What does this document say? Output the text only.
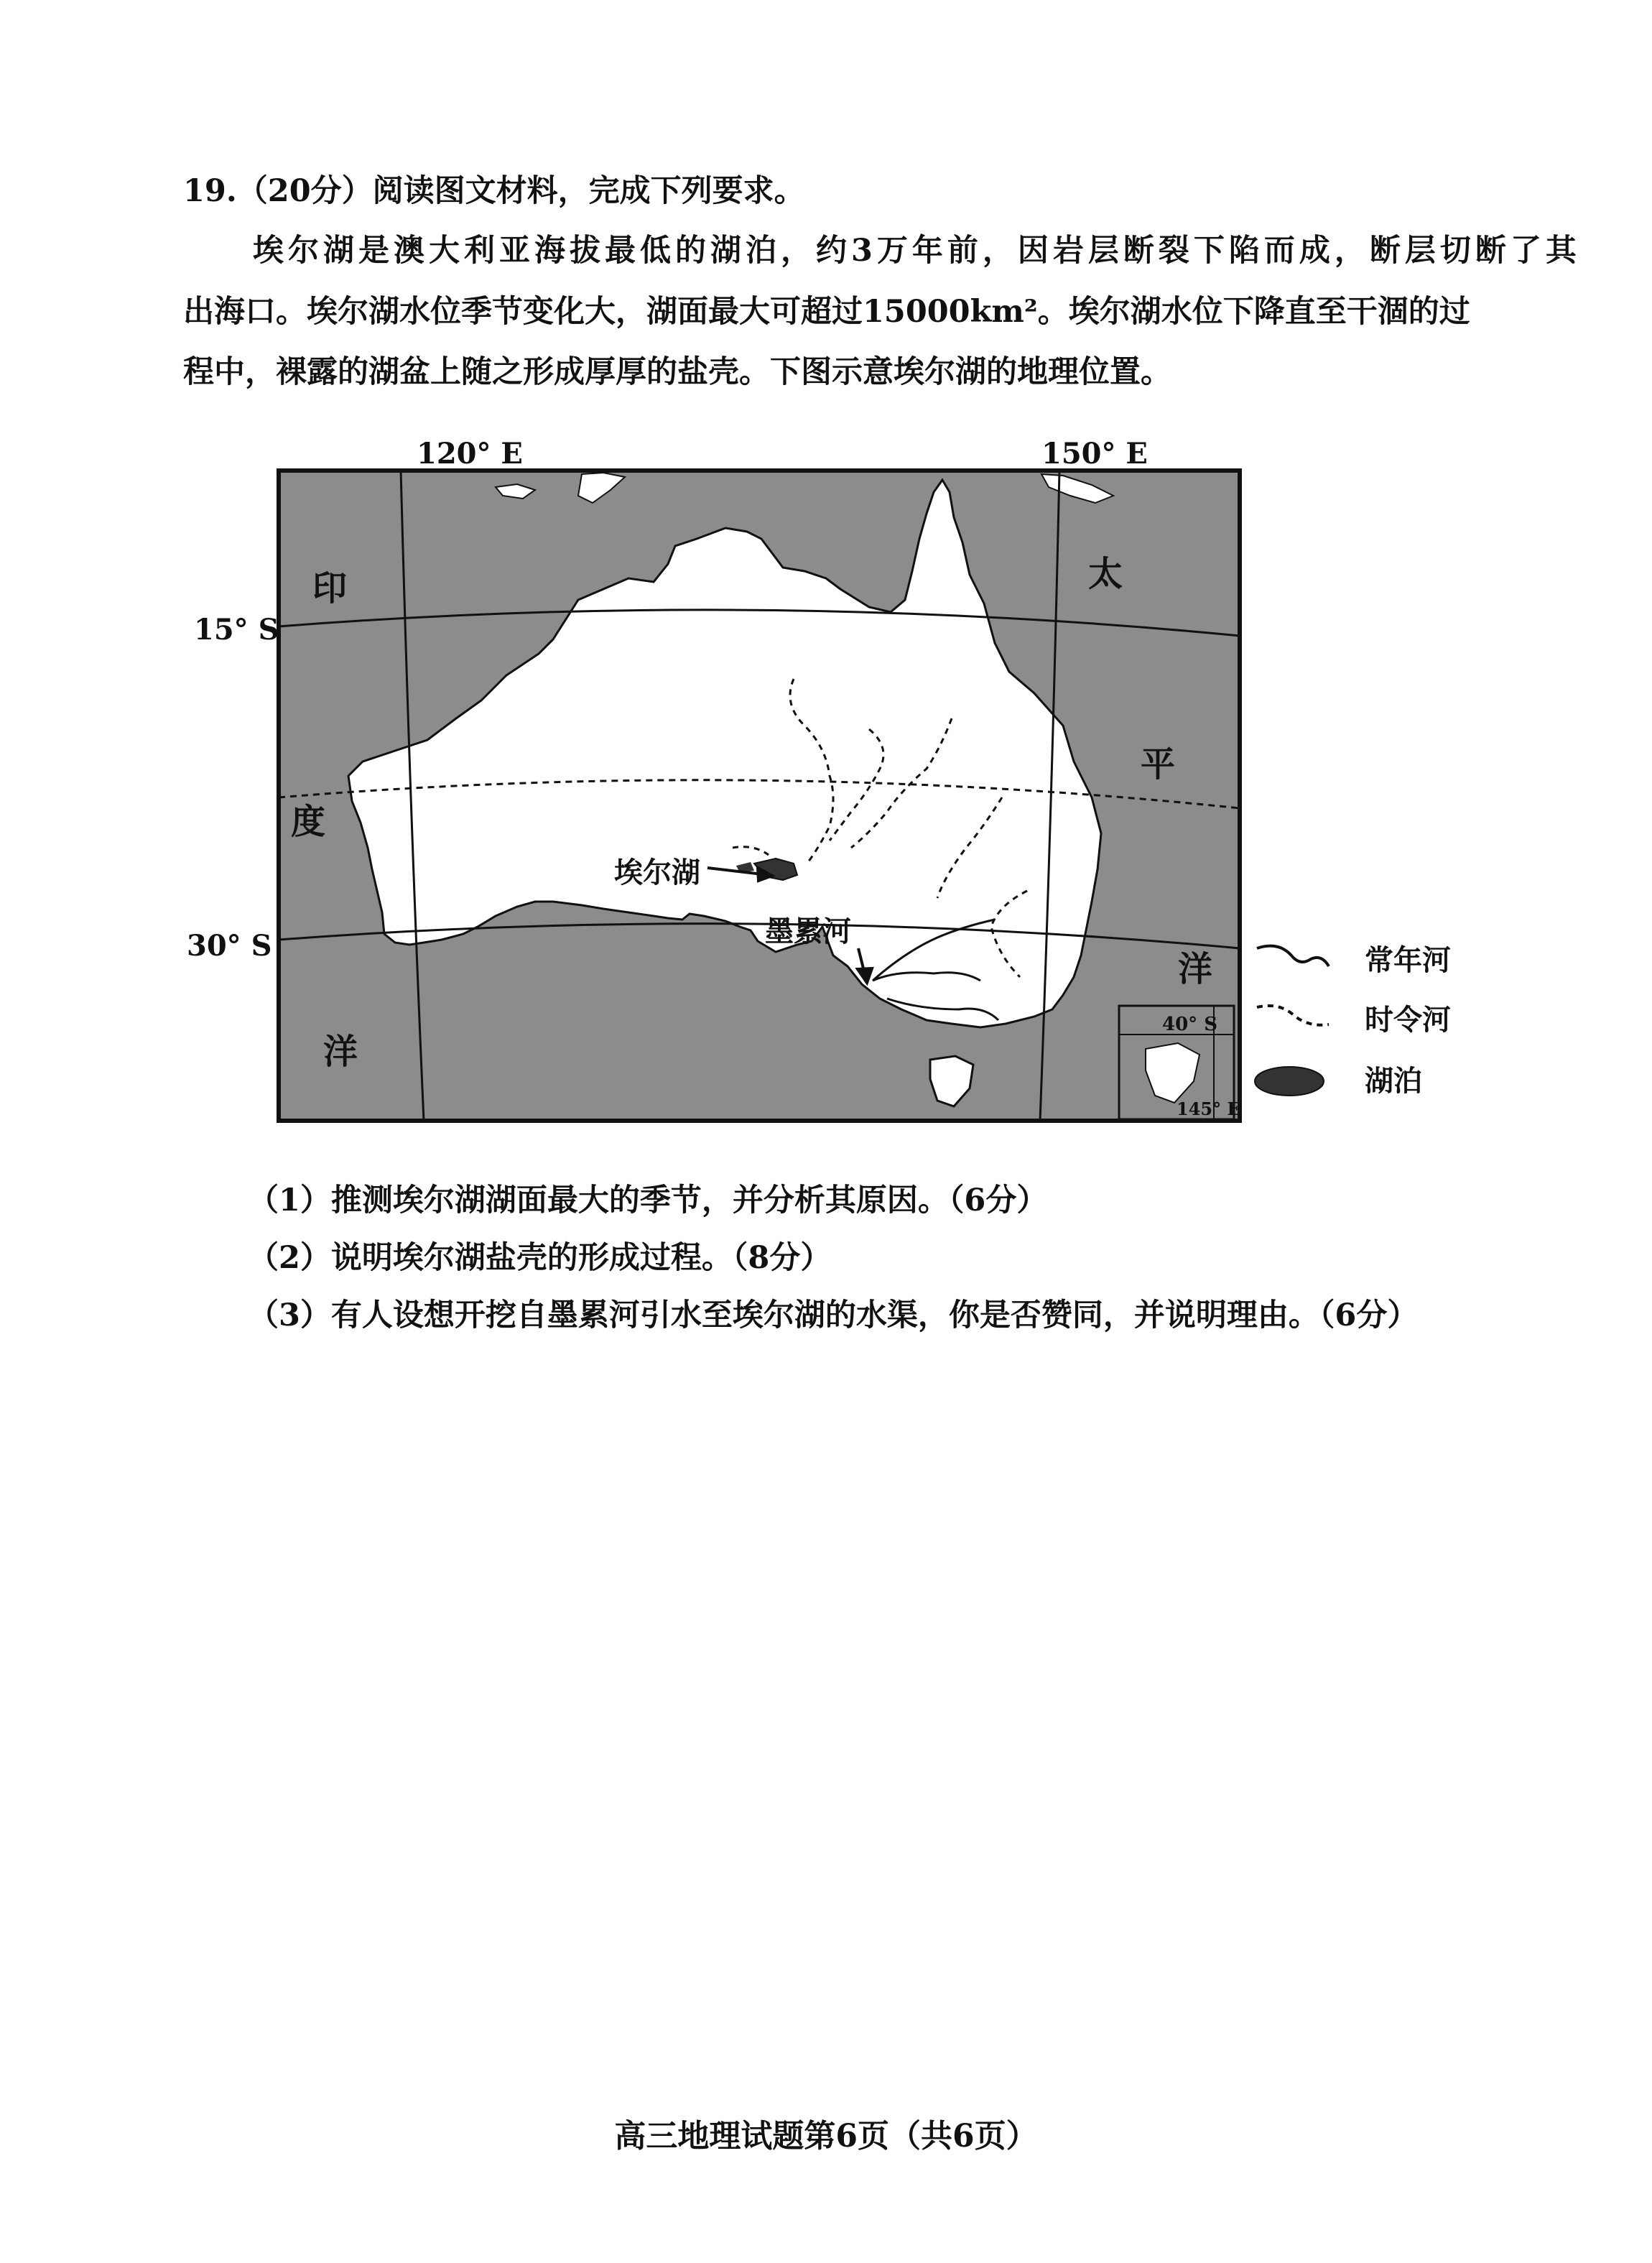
19.（20分）阅读图文材料，完成下列要求。

埃尔湖是澳大利亚海拔最低的湖泊，约3万年前，因岩层断裂下陷而成，断层切断了其

出海口。埃尔湖水位季节变化大，湖面最大可超过15000km²。埃尔湖水位下降直至干涸的过

程中，裸露的湖盆上随之形成厚厚的盐壳。下图示意埃尔湖的地理位置。

120° E	150° E
15° S
30° S
印
度
洋
太
平
洋
埃尔湖
墨累河
40° S
145° E
常年河
时令河
湖泊

（1）推测埃尔湖湖面最大的季节，并分析其原因。（6分）

（2）说明埃尔湖盐壳的形成过程。（8分）

（3）有人设想开挖自墨累河引水至埃尔湖的水渠，你是否赞同，并说明理由。（6分）

高三地理试题第6页（共6页）
